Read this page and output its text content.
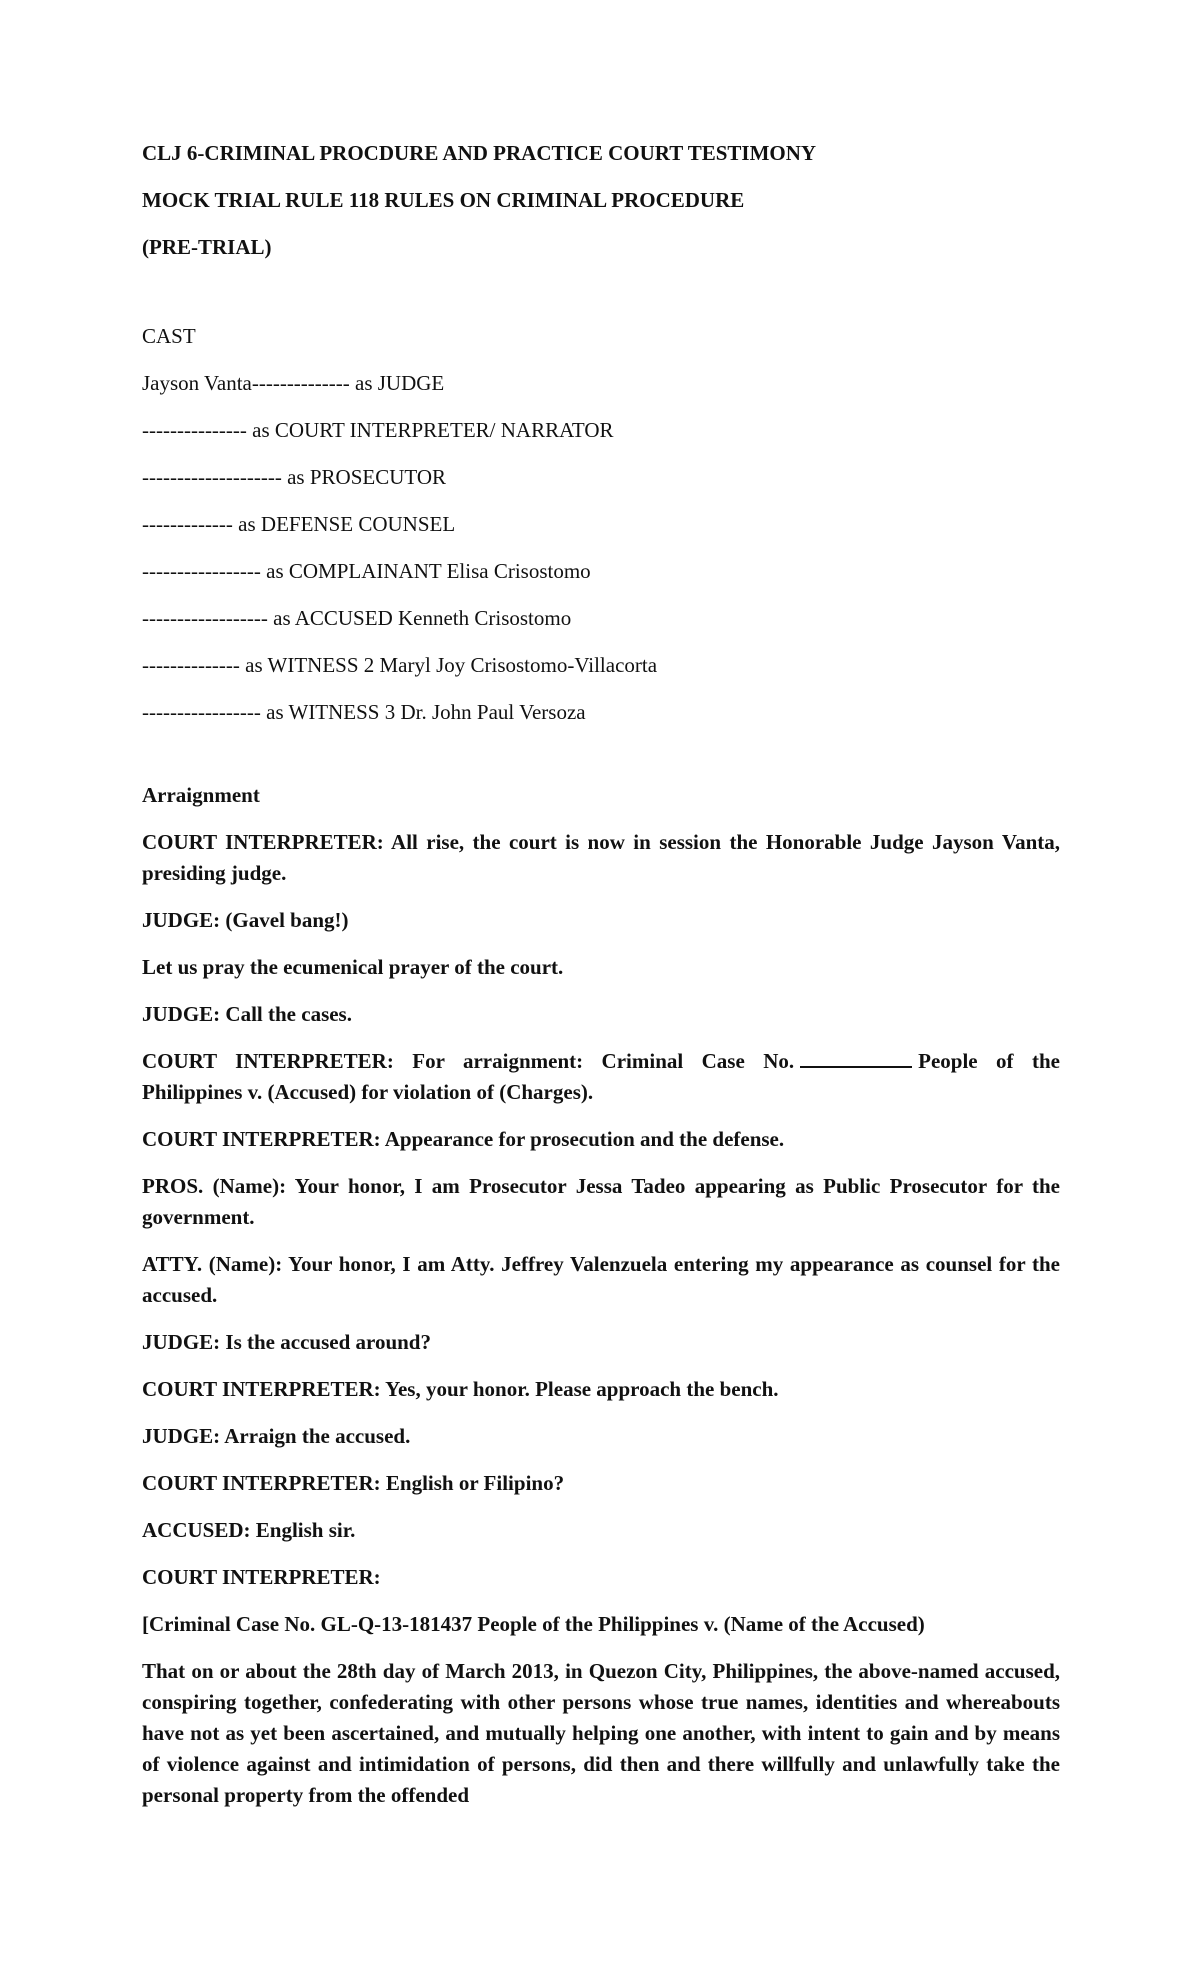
CLJ 6-CRIMINAL PROCDURE AND PRACTICE COURT TESTIMONY

MOCK TRIAL RULE 118 RULES ON CRIMINAL PROCEDURE

(PRE-TRIAL)

CAST

Jayson Vanta-------------- as JUDGE

--------------- as COURT INTERPRETER/ NARRATOR

-------------------- as PROSECUTOR

------------- as DEFENSE COUNSEL

----------------- as COMPLAINANT Elisa Crisostomo

------------------ as ACCUSED Kenneth Crisostomo

-------------- as WITNESS 2 Maryl Joy Crisostomo-Villacorta

----------------- as WITNESS 3 Dr. John Paul Versoza

Arraignment

COURT INTERPRETER: All rise, the court is now in session the Honorable Judge Jayson Vanta, presiding judge.

JUDGE: (Gavel bang!)

Let us pray the ecumenical prayer of the court.

JUDGE: Call the cases.

COURT INTERPRETER: For arraignment: Criminal Case No.	People of the Philippines v. (Accused) for violation of (Charges).

COURT INTERPRETER: Appearance for prosecution and the defense.

PROS. (Name): Your honor, I am Prosecutor Jessa Tadeo appearing as Public Prosecutor for the government.

ATTY. (Name): Your honor, I am Atty. Jeffrey Valenzuela entering my appearance as counsel for the accused.

JUDGE: Is the accused around?

COURT INTERPRETER: Yes, your honor. Please approach the bench.

JUDGE: Arraign the accused.

COURT INTERPRETER: English or Filipino?

ACCUSED: English sir.

COURT INTERPRETER:

[Criminal Case No. GL-Q-13-181437 People of the Philippines v. (Name of the Accused)

That on or about the 28th day of March 2013, in Quezon City, Philippines, the above-named accused, conspiring together, confederating with other persons whose true names, identities and whereabouts have not as yet been ascertained, and mutually helping one another, with intent to gain and by means of violence against and intimidation of persons, did then and there willfully and unlawfully take the personal property from the offended
